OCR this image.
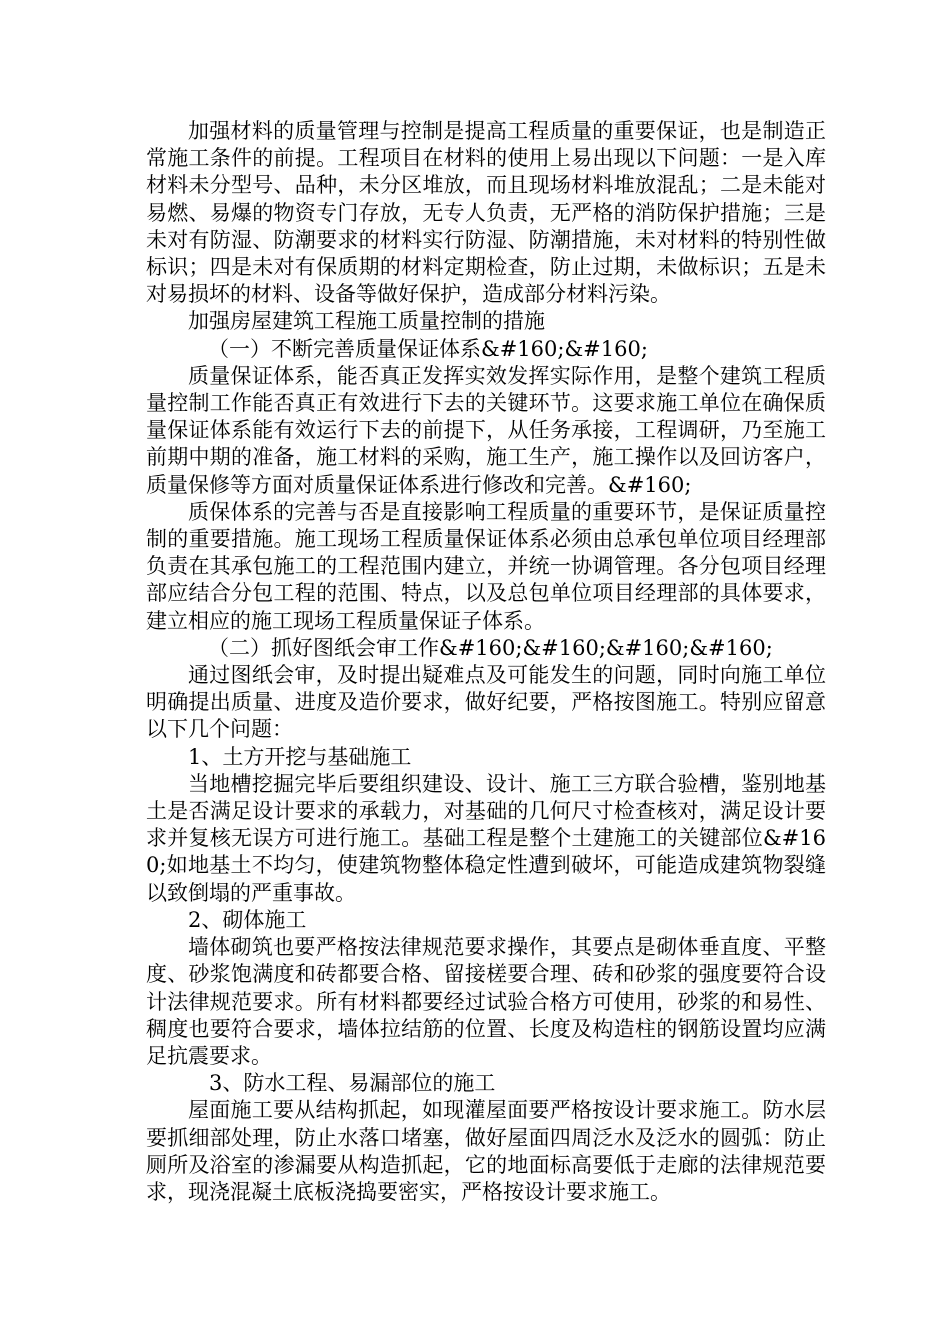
加强材料的质量管理与控制是提高工程质量的重要保证，也是制造正常施工条件的前提。工程项目在材料的使用上易出现以下问题：一是入库材料未分型号、品种，未分区堆放，而且现场材料堆放混乱；二是未能对易燃、易爆的物资专门存放，无专人负责，无严格的消防保护措施；三是未对有防湿、防潮要求的材料实行防湿、防潮措施，未对材料的特别性做标识；四是未对有保质期的材料定期检查，防止过期，未做标识；五是未对易损坏的材料、设备等做好保护，造成部分材料污染。

加强房屋建筑工程施工质量控制的措施

（一）不断完善质量保证体系&#160;&#160;

质量保证体系，能否真正发挥实效发挥实际作用，是整个建筑工程质量控制工作能否真正有效进行下去的关键环节。这要求施工单位在确保质量保证体系能有效运行下去的前提下，从任务承接，工程调研，乃至施工前期中期的准备，施工材料的采购，施工生产，施工操作以及回访客户，质量保修等方面对质量保证体系进行修改和完善。&#160;

质保体系的完善与否是直接影响工程质量的重要环节，是保证质量控制的重要措施。施工现场工程质量保证体系必须由总承包单位项目经理部负责在其承包施工的工程范围内建立，并统一协调管理。各分包项目经理部应结合分包工程的范围、特点，以及总包单位项目经理部的具体要求，建立相应的施工现场工程质量保证子体系。

（二）抓好图纸会审工作&#160;&#160;&#160;&#160;

通过图纸会审，及时提出疑难点及可能发生的问题，同时向施工单位明确提出质量、进度及造价要求，做好纪要，严格按图施工。特别应留意以下几个问题：

1、土方开挖与基础施工

当地槽挖掘完毕后要组织建设、设计、施工三方联合验槽，鉴别地基土是否满足设计要求的承载力，对基础的几何尺寸检查核对，满足设计要求并复核无误方可进行施工。基础工程是整个土建施工的关键部位&#160;如地基土不均匀，使建筑物整体稳定性遭到破坏，可能造成建筑物裂缝以致倒塌的严重事故。

2、砌体施工

墙体砌筑也要严格按法律规范要求操作，其要点是砌体垂直度、平整度、砂浆饱满度和砖都要合格、留接槎要合理、砖和砂浆的强度要符合设计法律规范要求。所有材料都要经过试验合格方可使用，砂浆的和易性、稠度也要符合要求，墙体拉结筋的位置、长度及构造柱的钢筋设置均应满足抗震要求。

3、防水工程、易漏部位的施工

屋面施工要从结构抓起，如现灌屋面要严格按设计要求施工。防水层要抓细部处理，防止水落口堵塞，做好屋面四周泛水及泛水的圆弧：防止厕所及浴室的渗漏要从构造抓起，它的地面标高要低于走廊的法律规范要求，现浇混凝土底板浇捣要密实，严格按设计要求施工。
